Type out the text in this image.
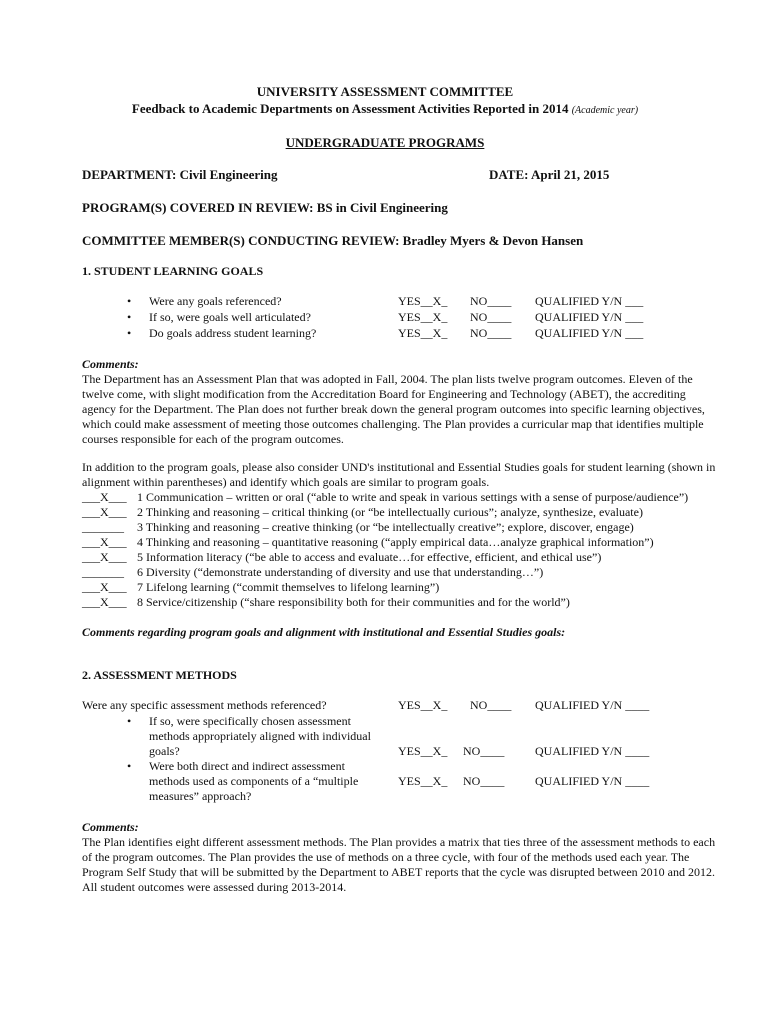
UNIVERSITY ASSESSMENT COMMITTEE
Feedback to Academic Departments on Assessment Activities Reported in 2014 (Academic year)
UNDERGRADUATE PROGRAMS
DEPARTMENT: Civil Engineering	DATE: April 21, 2015
PROGRAM(S) COVERED IN REVIEW: BS in Civil Engineering
COMMITTEE MEMBER(S) CONDUCTING REVIEW: Bradley Myers & Devon Hansen
1. STUDENT LEARNING GOALS
• Were any goals referenced?	YES__X_ NO____ QUALIFIED Y/N ___
• If so, were goals well articulated?	YES__X_ NO____ QUALIFIED Y/N ___
• Do goals address student learning?	YES__X_ NO____ QUALIFIED Y/N ___
Comments:
The Department has an Assessment Plan that was adopted in Fall, 2004. The plan lists twelve program outcomes. Eleven of the twelve come, with slight modification from the Accreditation Board for Engineering and Technology (ABET), the accrediting agency for the Department. The Plan does not further break down the general program outcomes into specific learning objectives, which could make assessment of meeting those outcomes challenging. The Plan provides a curricular map that identifies multiple courses responsible for each of the program outcomes.
In addition to the program goals, please also consider UND's institutional and Essential Studies goals for student learning (shown in alignment within parentheses) and identify which goals are similar to program goals.
___X___ 1 Communication – written or oral (“able to write and speak in various settings with a sense of purpose/audience”)
___X___ 2 Thinking and reasoning – critical thinking (or “be intellectually curious”; analyze, synthesize, evaluate)
_______ 3 Thinking and reasoning – creative thinking (or “be intellectually creative”; explore, discover, engage)
___X___ 4 Thinking and reasoning – quantitative reasoning (“apply empirical data…analyze graphical information”)
___X___ 5 Information literacy (“be able to access and evaluate…for effective, efficient, and ethical use”)
_______ 6 Diversity (“demonstrate understanding of diversity and use that understanding…”)
___X___ 7 Lifelong learning (“commit themselves to lifelong learning”)
___X___ 8 Service/citizenship (“share responsibility both for their communities and for the world”)
Comments regarding program goals and alignment with institutional and Essential Studies goals:
2. ASSESSMENT METHODS
Were any specific assessment methods referenced?	YES__X_ NO____ QUALIFIED Y/N ____
• If so, were specifically chosen assessment
methods appropriately aligned with individual
goals?	YES__X_ NO____	QUALIFIED Y/N ____
• Were both direct and indirect assessment
methods used as components of a “multiple
measures” approach?
YES__X_ NO____	QUALIFIED Y/N ____
Comments:
The Plan identifies eight different assessment methods. The Plan provides a matrix that ties three of the assessment methods to each of the program outcomes. The Plan provides the use of methods on a three cycle, with four of the methods used each year. The Program Self Study that will be submitted by the Department to ABET reports that the cycle was disrupted between 2010 and 2012. All student outcomes were assessed during 2013-2014.
